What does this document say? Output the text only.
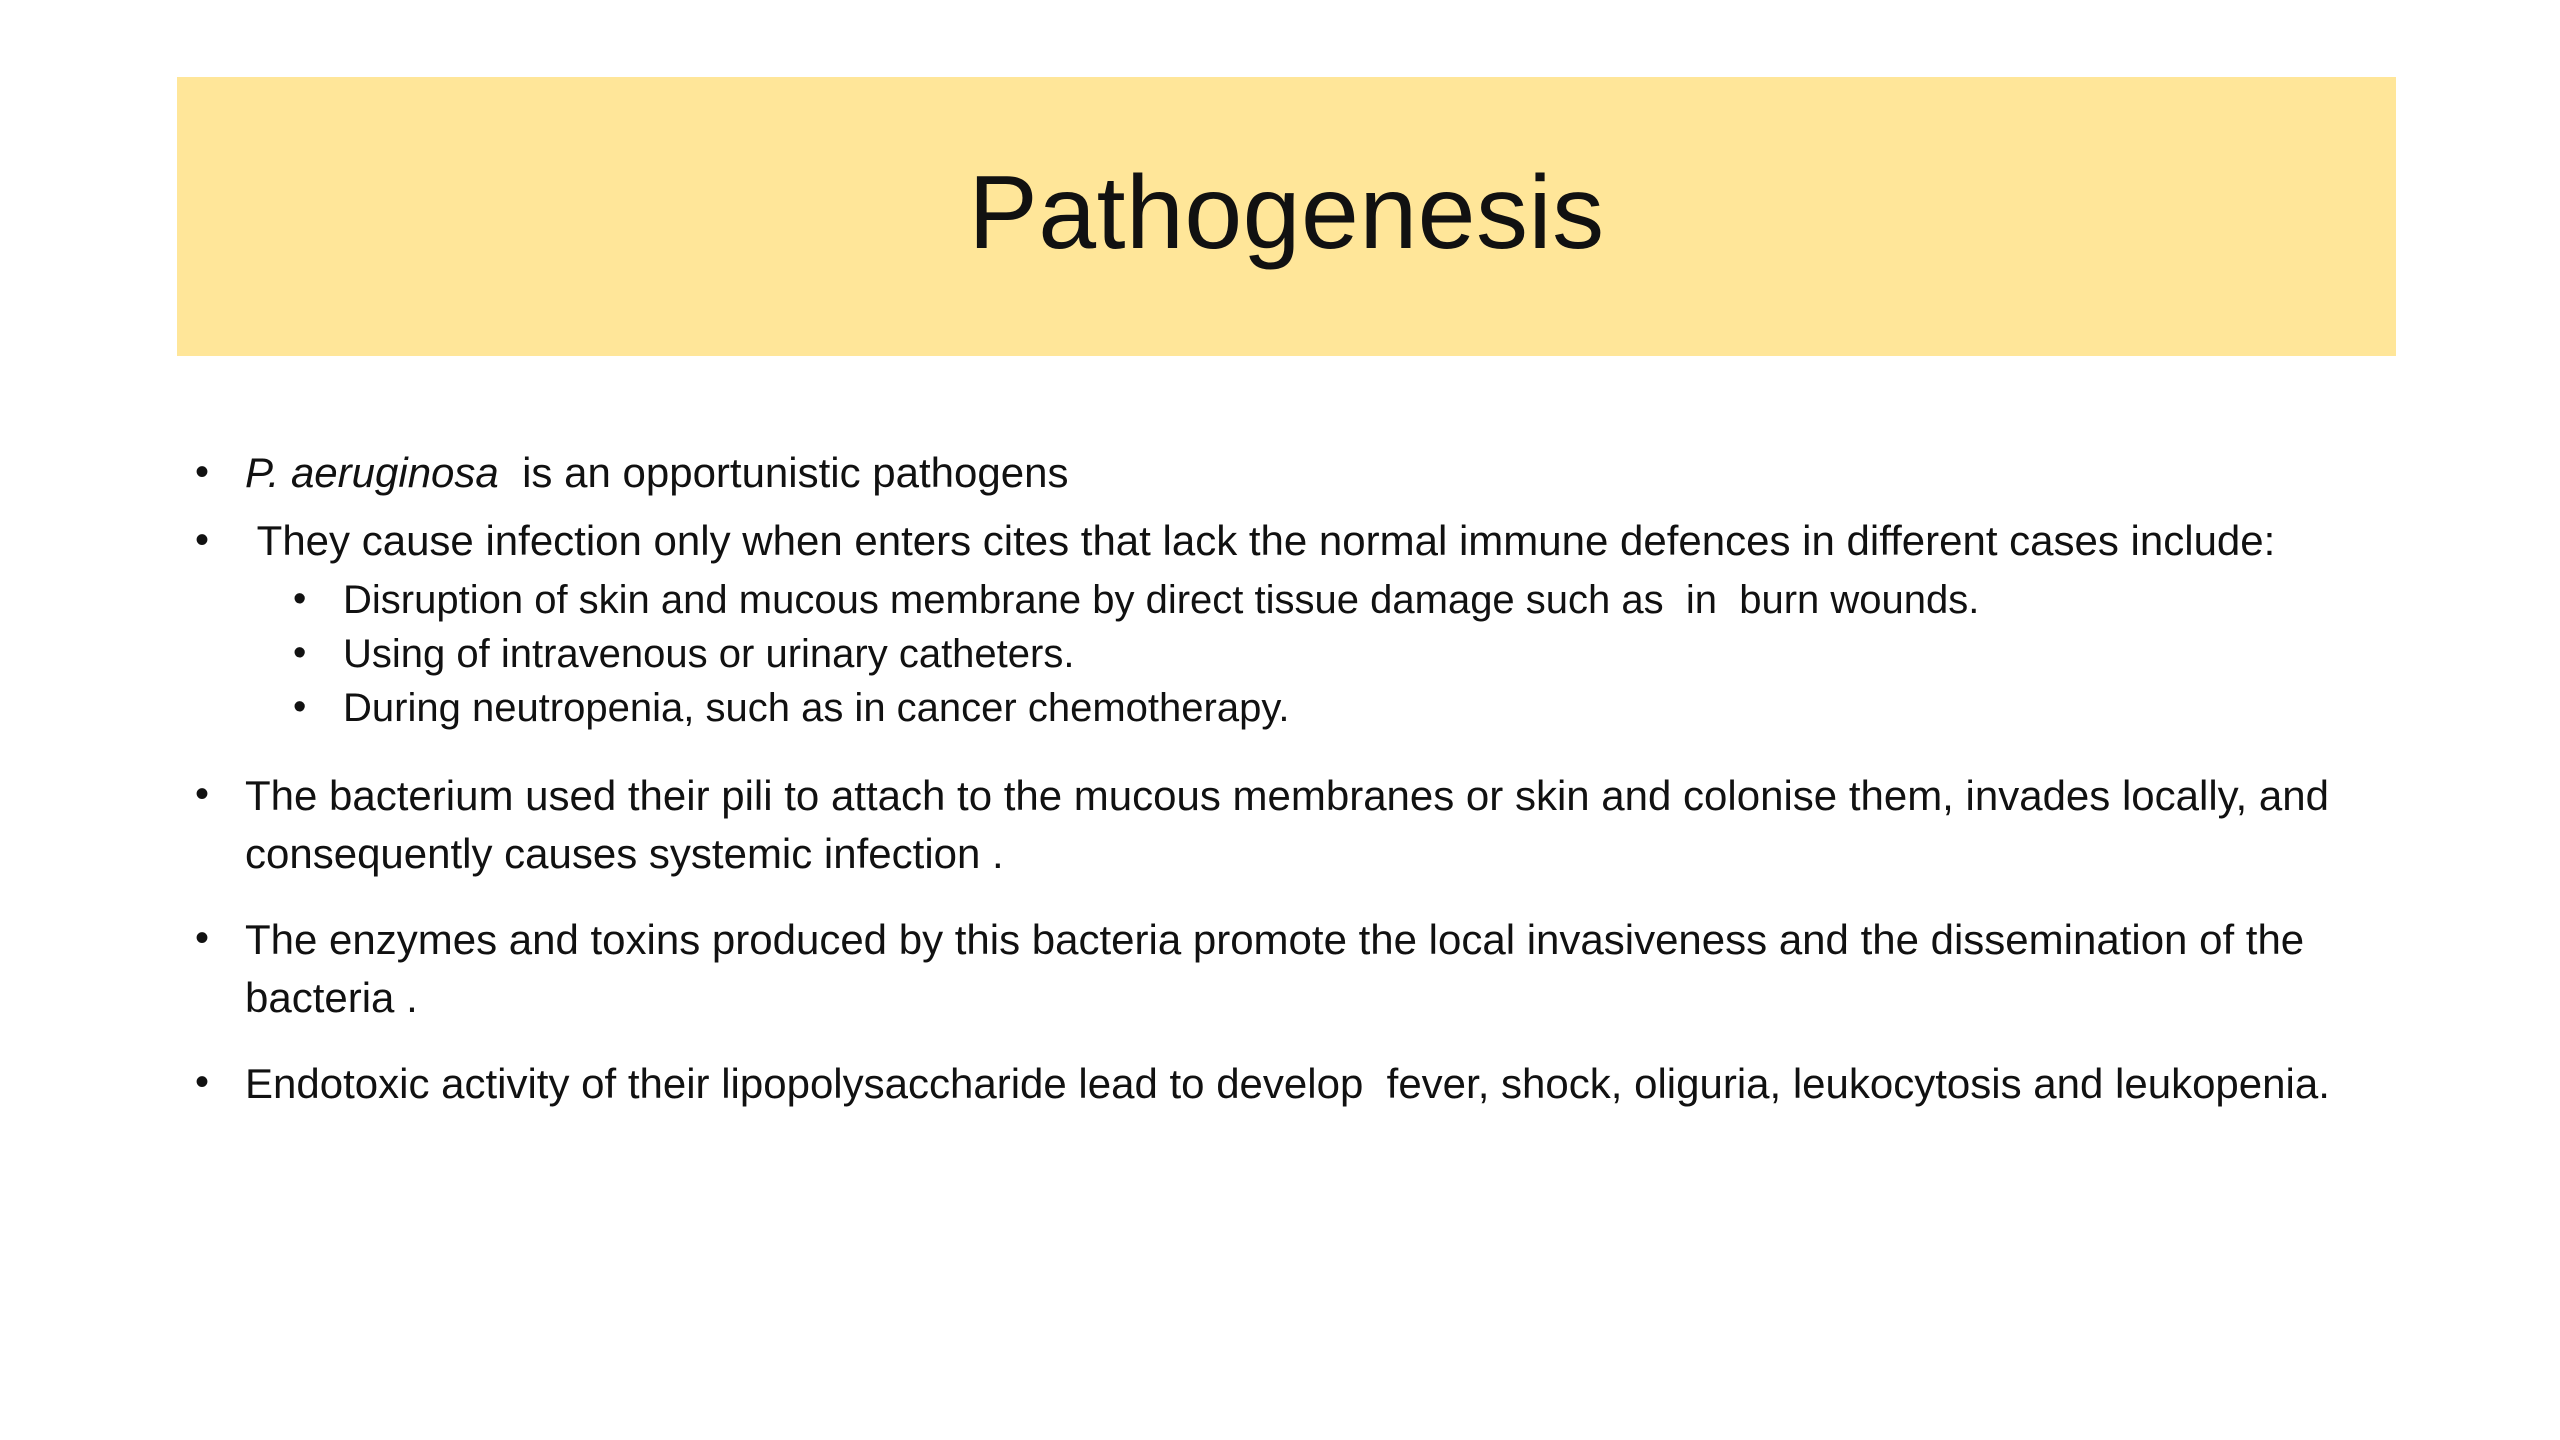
Pathogenesis
• P. aeruginosa  is an opportunistic pathogens
• They cause infection only when enters cites that lack the normal immune defences in different cases include:
• Disruption of skin and mucous membrane by direct tissue damage such as  in  burn wounds.
• Using of intravenous or urinary catheters.
• During neutropenia, such as in cancer chemotherapy.
• The bacterium used their pili to attach to the mucous membranes or skin and colonise them, invades locally, and consequently causes systemic infection .
• The enzymes and toxins produced by this bacteria promote the local invasiveness and the dissemination of the bacteria .
• Endotoxic activity of their lipopolysaccharide lead to develop  fever, shock, oliguria, leukocytosis and leukopenia.
